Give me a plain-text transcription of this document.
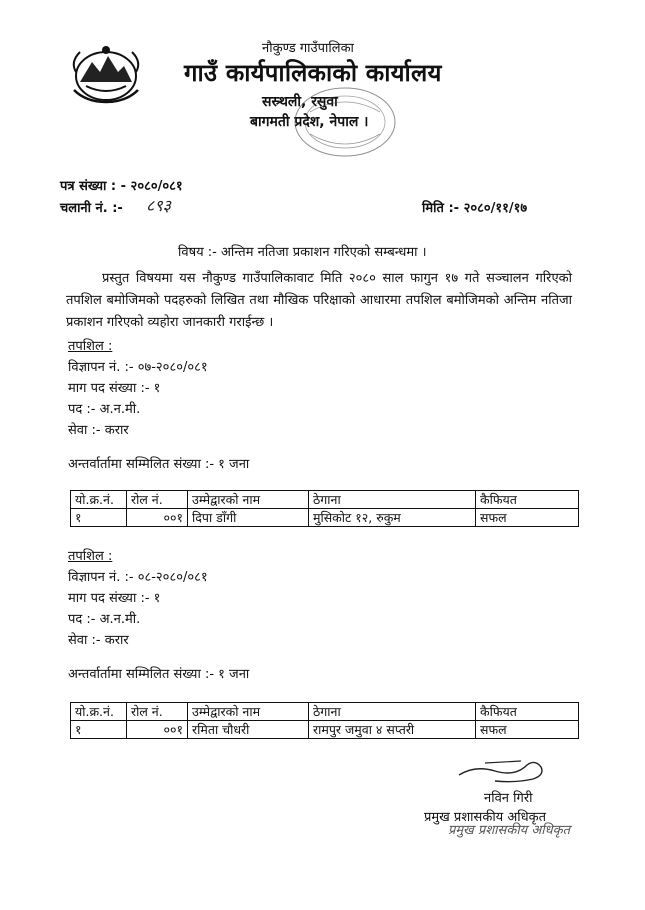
नौकुण्ड गाउँपालिका
गाउँ कार्यपालिकाको कार्यालय
सस्र्थली, रसुवा
बागमती प्रदेश, नेपाल ।
पत्र संख्या : - २०८०/०८१
चलानी नं. :- ८९३	मिति :- २०८०/११/१७
विषय :- अन्तिम नतिजा प्रकाशन गरिएको सम्बन्धमा ।
प्रस्तुत विषयमा यस नौकुण्ड गाउँपालिकावाट मिति २०८० साल फागुन १७ गते सञ्चालन गरिएको तपशिल बमोजिमको पदहरुको लिखित तथा मौखिक परिक्षाको आधारमा तपशिल बमोजिमको अन्तिम नतिजा प्रकाशन गरिएको व्यहोरा जानकारी गराईन्छ ।
तपशिल :
विज्ञापन नं. :- ०७-२०८०/०८१
माग पद संख्या :- १
पद :- अ.न.मी.
सेवा :- करार
अन्तर्वार्तामा सम्मिलित संख्या :- १ जना
यो.क्र.नं.	रोल नं.	उम्मेद्वारको नाम	ठेगाना	कैफियत
१	००१	दिपा डाँगी	मुसिकोट १२, रुकुम	सफल
तपशिल :
विज्ञापन नं. :- ०८-२०८०/०८१
माग पद संख्या :- १
पद :- अ.न.मी.
सेवा :- करार
अन्तर्वार्तामा सम्मिलित संख्या :- १ जना
यो.क्र.नं.	रोल नं.	उम्मेद्वारको नाम	ठेगाना	कैफियत
१	००१	रमिता चौधरी	रामपुर जमुवा ४ सप्तरी	सफल
नविन गिरी
प्रमुख प्रशासकीय अधिकृत
प्रमुख प्रशासकीय अधिकृत
